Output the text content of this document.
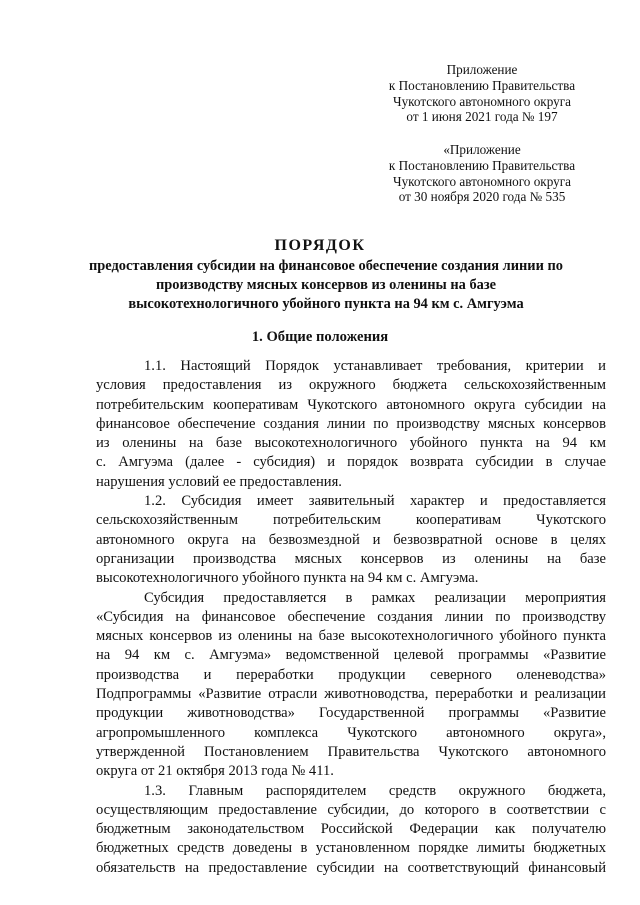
Приложение
к Постановлению Правительства
Чукотского автономного округа
от 1 июня 2021 года № 197
«Приложение
к Постановлению Правительства
Чукотского автономного округа
от 30 ноября 2020 года № 535
ПОРЯДОК
предоставления субсидии на финансовое обеспечение создания линии по
производству мясных консервов из оленины на базе
высокотехнологичного убойного пункта на 94 км с. Амгуэма
1. Общие положения
1.1. Настоящий Порядок устанавливает требования, критерии и
условия предоставления из окружного бюджета сельскохозяйственным
потребительским кооперативам Чукотского автономного округа субсидии на
финансовое обеспечение создания линии по производству мясных консервов
из оленины на базе высокотехнологичного убойного пункта на 94 км
с. Амгуэма (далее - субсидия) и порядок возврата субсидии в случае
нарушения условий ее предоставления.
1.2. Субсидия имеет заявительный характер и предоставляется
сельскохозяйственным потребительским кооперативам Чукотского
автономного округа на безвозмездной и безвозвратной основе в целях
организации производства мясных консервов из оленины на базе
высокотехнологичного убойного пункта на 94 км с. Амгуэма.
Субсидия предоставляется в рамках реализации мероприятия
«Субсидия на финансовое обеспечение создания линии по производству
мясных консервов из оленины на базе высокотехнологичного убойного пункта
на 94 км с. Амгуэма» ведомственной целевой программы «Развитие
производства и переработки продукции северного оленеводства»
Подпрограммы «Развитие отрасли животноводства, переработки и реализации
продукции животноводства» Государственной программы «Развитие
агропромышленного комплекса Чукотского автономного округа»,
утвержденной Постановлением Правительства Чукотского автономного
округа от 21 октября 2013 года № 411.
1.3. Главным распорядителем средств окружного бюджета,
осуществляющим предоставление субсидии, до которого в соответствии с
бюджетным законодательством Российской Федерации как получателю
бюджетных средств доведены в установленном порядке лимиты бюджетных
обязательств на предоставление субсидии на соответствующий финансовый
